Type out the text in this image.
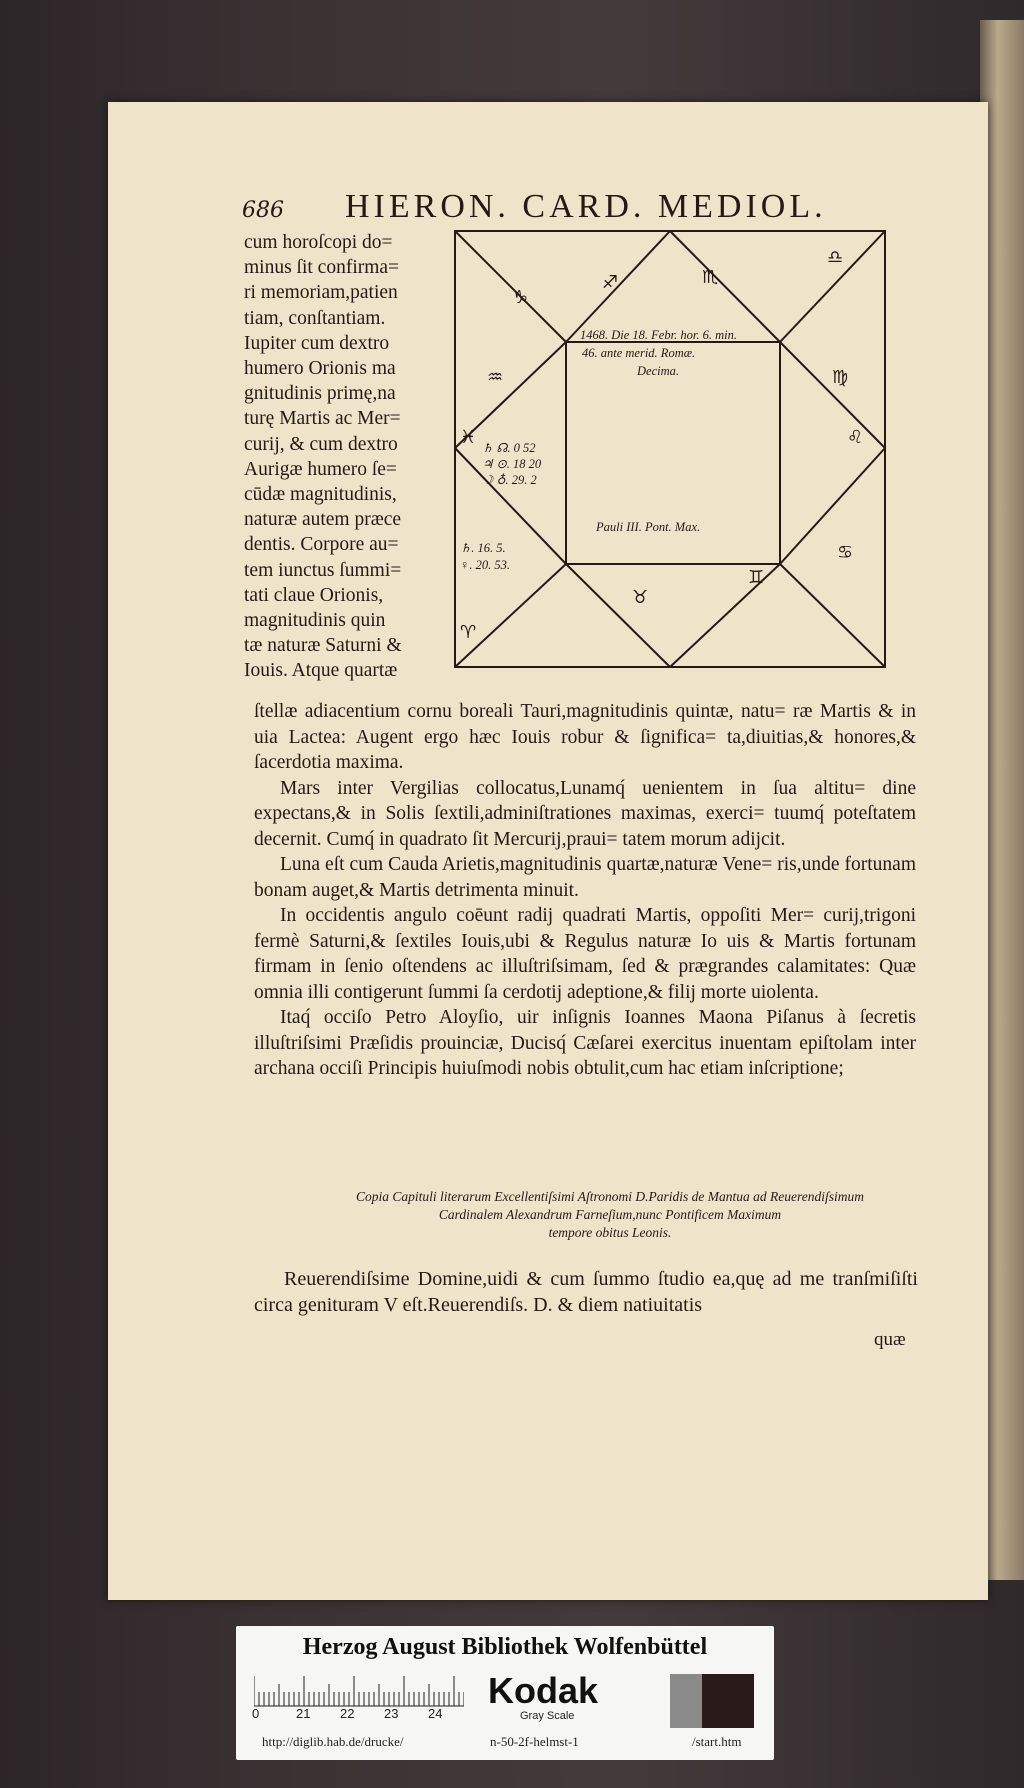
686 HIERON. CARD. MEDIOL.
cum horoſcopi do=
minus ſit confirma=
ri memoriam,patien
tiam, conſtantiam.
Iupiter cum dextro
humero Orionis ma
gnitudinis primę,na
turę Martis ac Mer=
curij, & cum dextro
Aurigæ humero ſe=
cūdæ magnitudinis,
naturæ autem præce
dentis. Corpore au=
tem iunctus ſummi=
tati claue Orionis,
magnitudinis quin
tæ naturæ Saturni &
Iouis. Atque quartæ
♑
♐	♏
♎
♍
♌
♋
♊
♉
♈
♓
♒
1468. Die 18. Febr. hor. 6. min.
46. ante merid. Romæ.
Decima.
Pauli III. Pont. Max.
♄ ☊. 0 52
♃ ⊙. 18 20
☽ ♁. 29. 2
♄. 16. 5.
♀. 20. 53.

ſtellæ adiacentium cornu boreali Tauri,magnitudinis quintæ, natu= ræ Martis & in uia Lactea: Augent ergo hæc Iouis robur & ſignifica= ta,diuitias,& honores,& ſacerdotia maxima.

Mars inter Vergilias collocatus,Lunamq́ uenientem in ſua altitu= dine expectans,& in Solis ſextili,adminiſtrationes maximas, exerci= tuumq́ poteſtatem decernit. Cumq́ in quadrato ſit Mercurij,praui= tatem morum adijcit.

Luna eſt cum Cauda Arietis,magnitudinis quartæ,naturæ Vene= ris,unde fortunam bonam auget,& Martis detrimenta minuit.

In occidentis angulo coēunt radij quadrati Martis, oppoſiti Mer= curij,trigoni fermè Saturni,& ſextiles Iouis,ubi & Regulus naturæ Io uis & Martis fortunam firmam in ſenio oſtendens ac illuſtriſsimam, ſed & prægrandes calamitates: Quæ omnia illi contigerunt ſummi ſa cerdotij adeptione,& filij morte uiolenta.

Itaq́ occiſo Petro Aloyſio, uir inſignis Ioannes Maona Piſanus à ſecretis illuſtriſsimi Præſidis prouinciæ, Ducisq́ Cæſarei exercitus inuentam epiſtolam inter archana occiſi Principis huiuſmodi nobis obtulit,cum hac etiam inſcriptione;

Copia Capituli literarum Excellentiſsimi Aſtronomi D.Paridis de Mantua ad Reuerendiſsimum
Cardinalem Alexandrum Farneſium,nunc Pontificem Maximum
tempore obitus Leonis.

Reuerendiſsime Domine,uidi & cum ſummo ſtudio ea,quę ad me tranſmiſiſti circa genituram V eſt.Reuerendiſs. D. & diem natiuitatis

quæ
Herzog August Bibliothek Wolfenbüttel
0	21 22 23 24
Kodak
Gray Scale
http://diglib.hab.de/drucke/	n-50-2f-helmst-1	/start.htm
